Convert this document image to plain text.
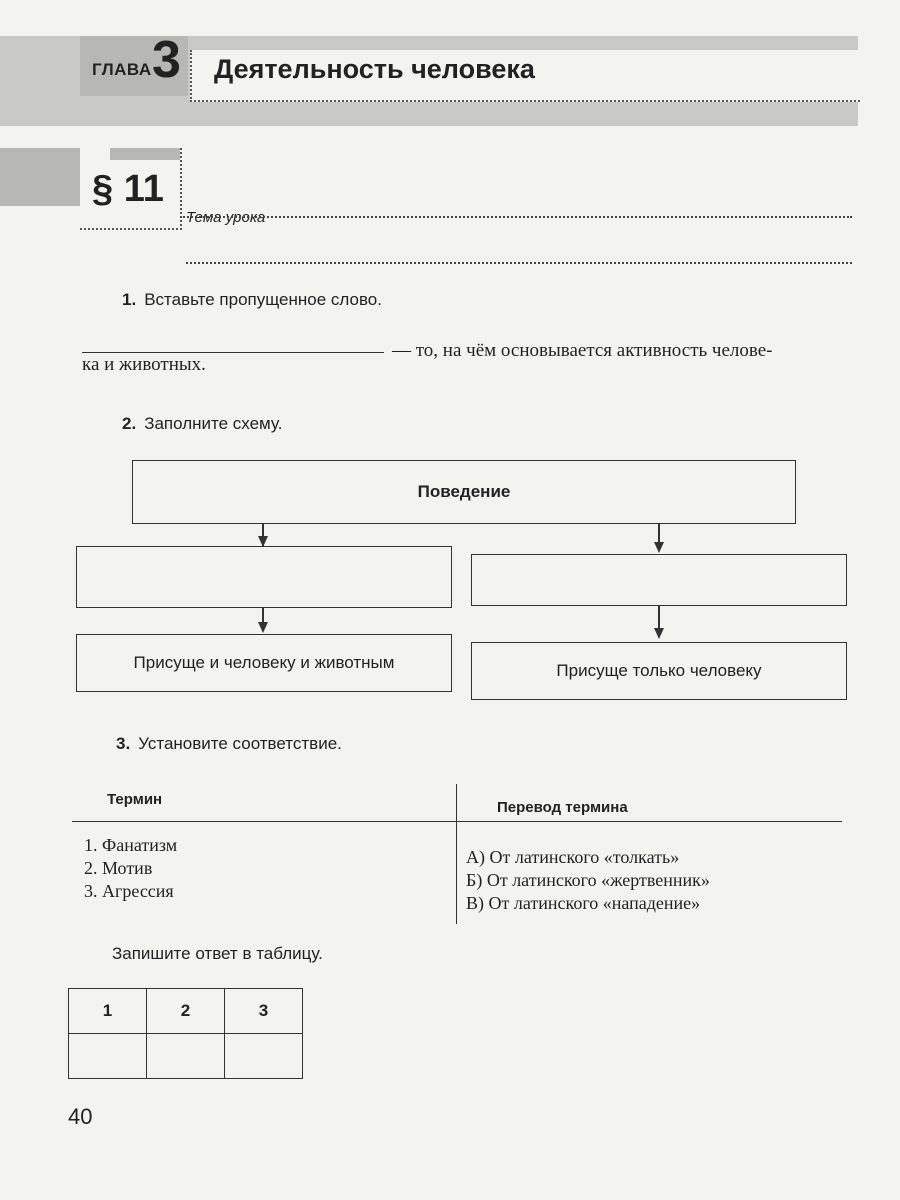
ГЛАВА 3 Деятельность человека
§ 11
Тема урока
1. Вставьте пропущенное слово.
— то, на чём основывается активность челове-
ка и животных.
2. Заполните схему.
Поведение
Присуще и человеку и животным	Присуще только человеку
3. Установите соответствие.
Термин	Перевод термина
1. Фанатизм
2. Мотив
3. Агрессия
А) От латинского «толкать»
Б) От латинского «жертвенник»
В) От латинского «нападение»
Запишите ответ в таблицу.
1	2	3

40
